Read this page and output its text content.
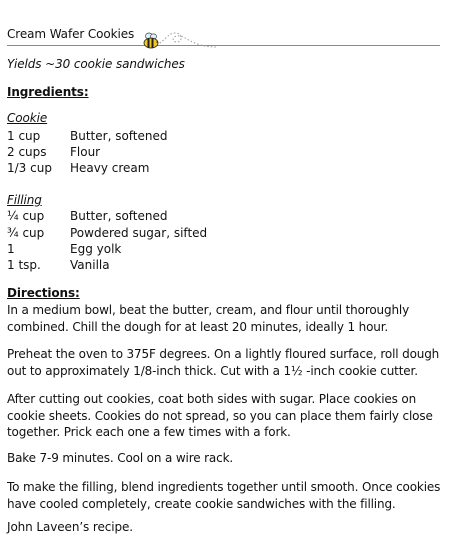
Cream Wafer Cookies
Yields ~30 cookie sandwiches
Ingredients:
Cookie
1 cup Butter, softened
2 cups Flour
1/3 cup Heavy cream
Filling
¼ cup Butter, softened
¾ cup Powdered sugar, sifted
1	Egg yolk
1 tsp. Vanilla
Directions:
In a medium bowl, beat the butter, cream, and flour until thoroughly combined. Chill the dough for at least 20 minutes, ideally 1 hour.
Preheat the oven to 375F degrees. On a lightly floured surface, roll dough out to approximately 1/8-inch thick. Cut with a 1½ -inch cookie cutter.
After cutting out cookies, coat both sides with sugar. Place cookies on cookie sheets. Cookies do not spread, so you can place them fairly close together. Prick each one a few times with a fork.
Bake 7-9 minutes. Cool on a wire rack.
To make the filling, blend ingredients together until smooth. Once cookies have cooled completely, create cookie sandwiches with the filling.
John Laveen’s recipe.
